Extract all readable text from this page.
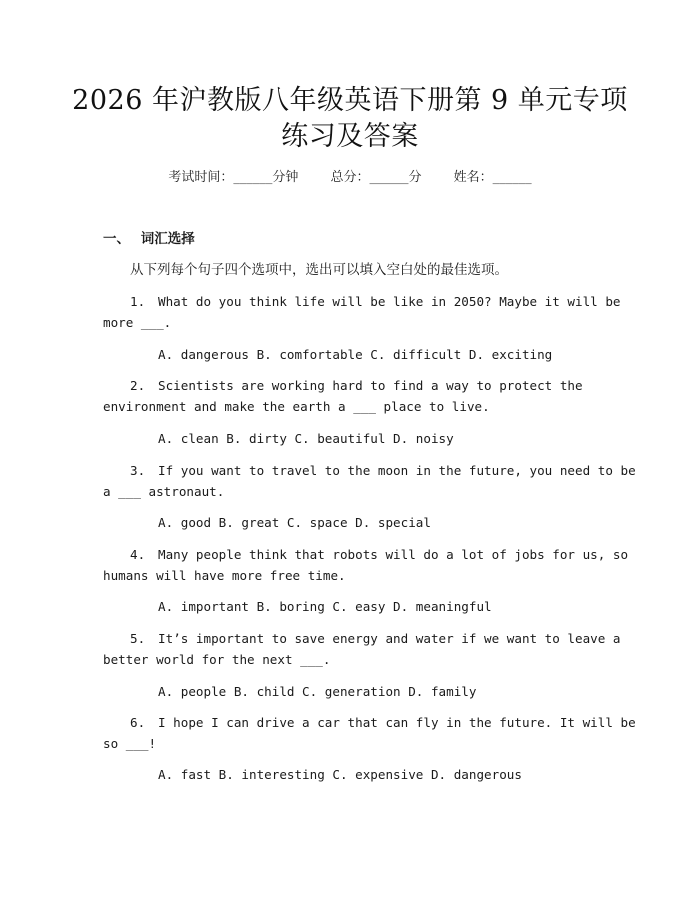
2026 年沪教版八年级英语下册第 9 单元专项
练习及答案
考试时间：______分钟 总分：______分 姓名：______
一、 词汇选择
从下列每个句子四个选项中，选出可以填入空白处的最佳选项。
1. What do you think life will be like in 2050? Maybe it will be
more ___.
A. dangerous B. comfortable C. difficult D. exciting
2. Scientists are working hard to find a way to protect the
environment and make the earth a ___ place to live.
A. clean B. dirty C. beautiful D. noisy
3. If you want to travel to the moon in the future, you need to be
a ___ astronaut.
A. good B. great C. space D. special
4. Many people think that robots will do a lot of jobs for us, so
humans will have more free time.
A. important B. boring C. easy D. meaningful
5. It’s important to save energy and water if we want to leave a
better world for the next ___.
A. people B. child C. generation D. family
6. I hope I can drive a car that can fly in the future. It will be
so ___!
A. fast B. interesting C. expensive D. dangerous
